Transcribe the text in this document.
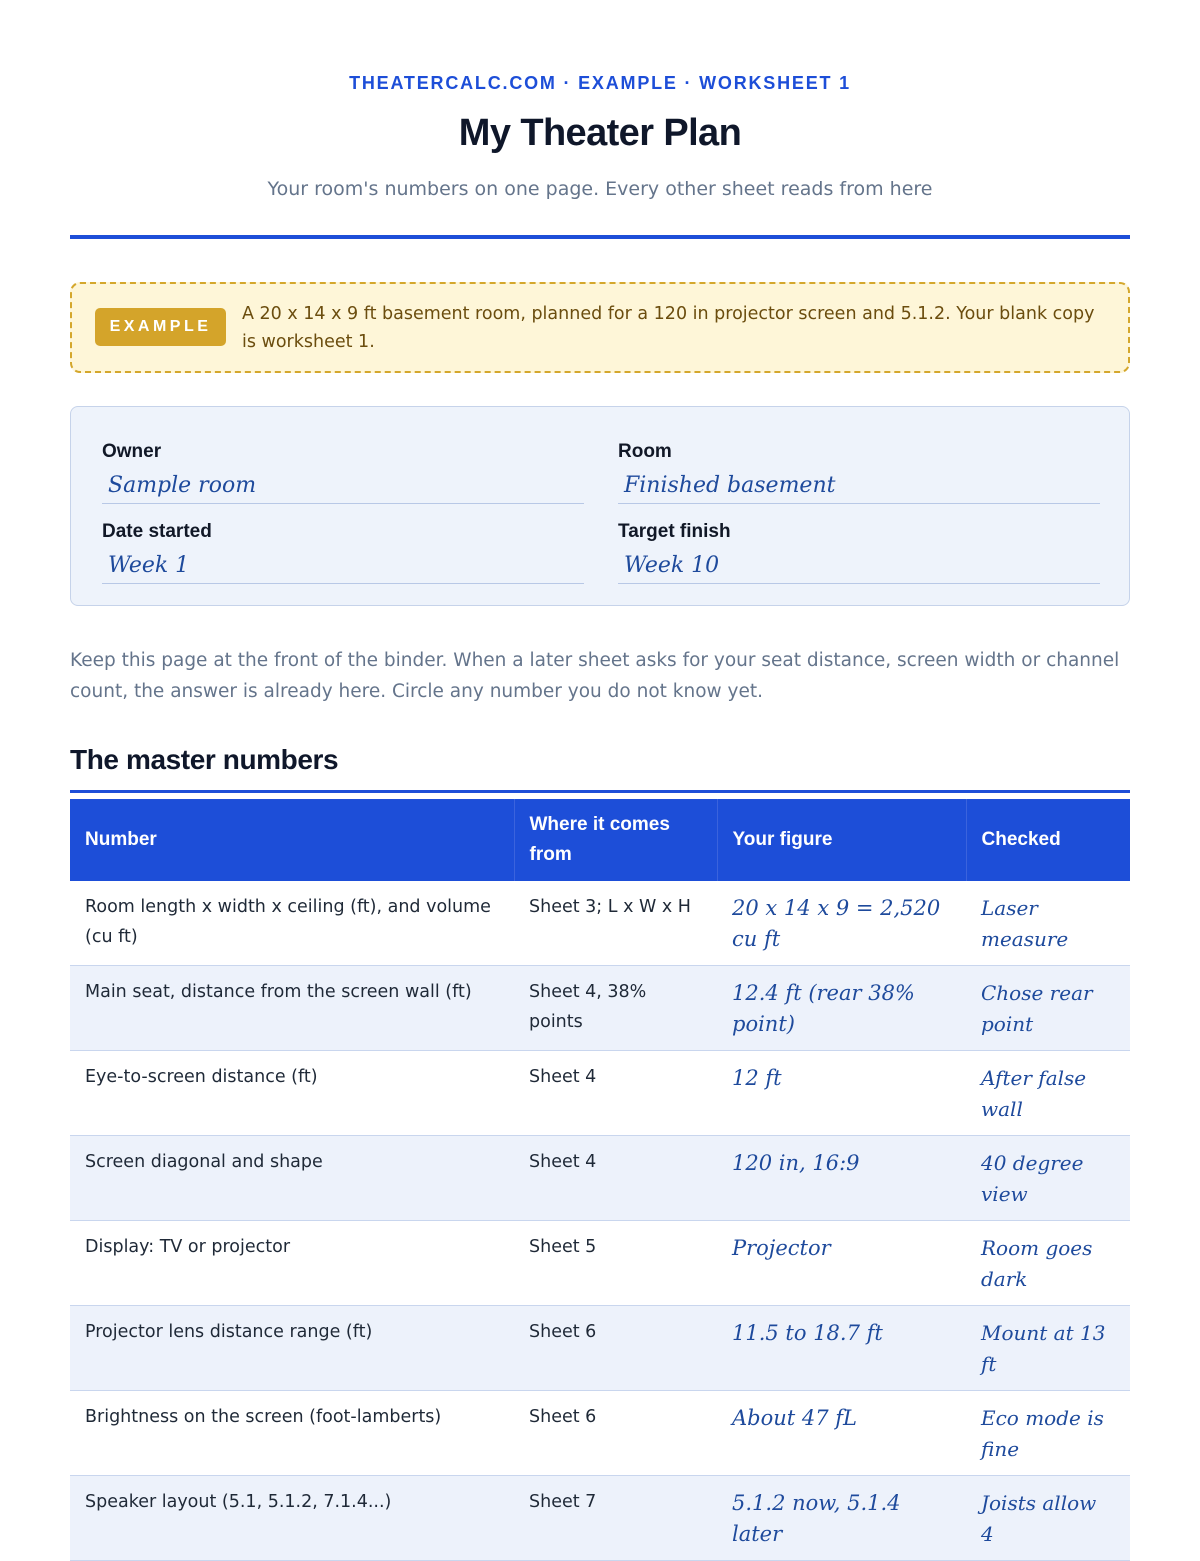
THEATERCALC.COM · EXAMPLE · WORKSHEET 1
My Theater Plan
Your room's numbers on one page. Every other sheet reads from here
EXAMPLE
A 20 x 14 x 9 ft basement room, planned for a 120 in projector screen and 5.1.2. Your blank copy is worksheet 1.
Owner
Sample room
Room
Finished basement
Date started
Week 1
Target finish
Week 10
Keep this page at the front of the binder. When a later sheet asks for your seat distance, screen width or channel count, the answer is already here. Circle any number you do not know yet.
The master numbers
Number	Where it comes from	Your figure	Checked
Room length x width x ceiling (ft), and volume (cu ft)	Sheet 3; L x W x H	20 x 14 x 9 = 2,520 cu ft	Laser measure
Main seat, distance from the screen wall (ft)	Sheet 4, 38% points	12.4 ft (rear 38% point)	Chose rear point
Eye-to-screen distance (ft)	Sheet 4	12 ft	After false wall
Screen diagonal and shape	Sheet 4	120 in, 16:9	40 degree view
Display: TV or projector	Sheet 5	Projector	Room goes dark
Projector lens distance range (ft)	Sheet 6	11.5 to 18.7 ft	Mount at 13 ft
Brightness on the screen (foot-lamberts)	Sheet 6	About 47 fL	Eco mode is fine
Speaker layout (5.1, 5.1.2, 7.1.4...)	Sheet 7	5.1.2 now, 5.1.4 later	Joists allow 4
